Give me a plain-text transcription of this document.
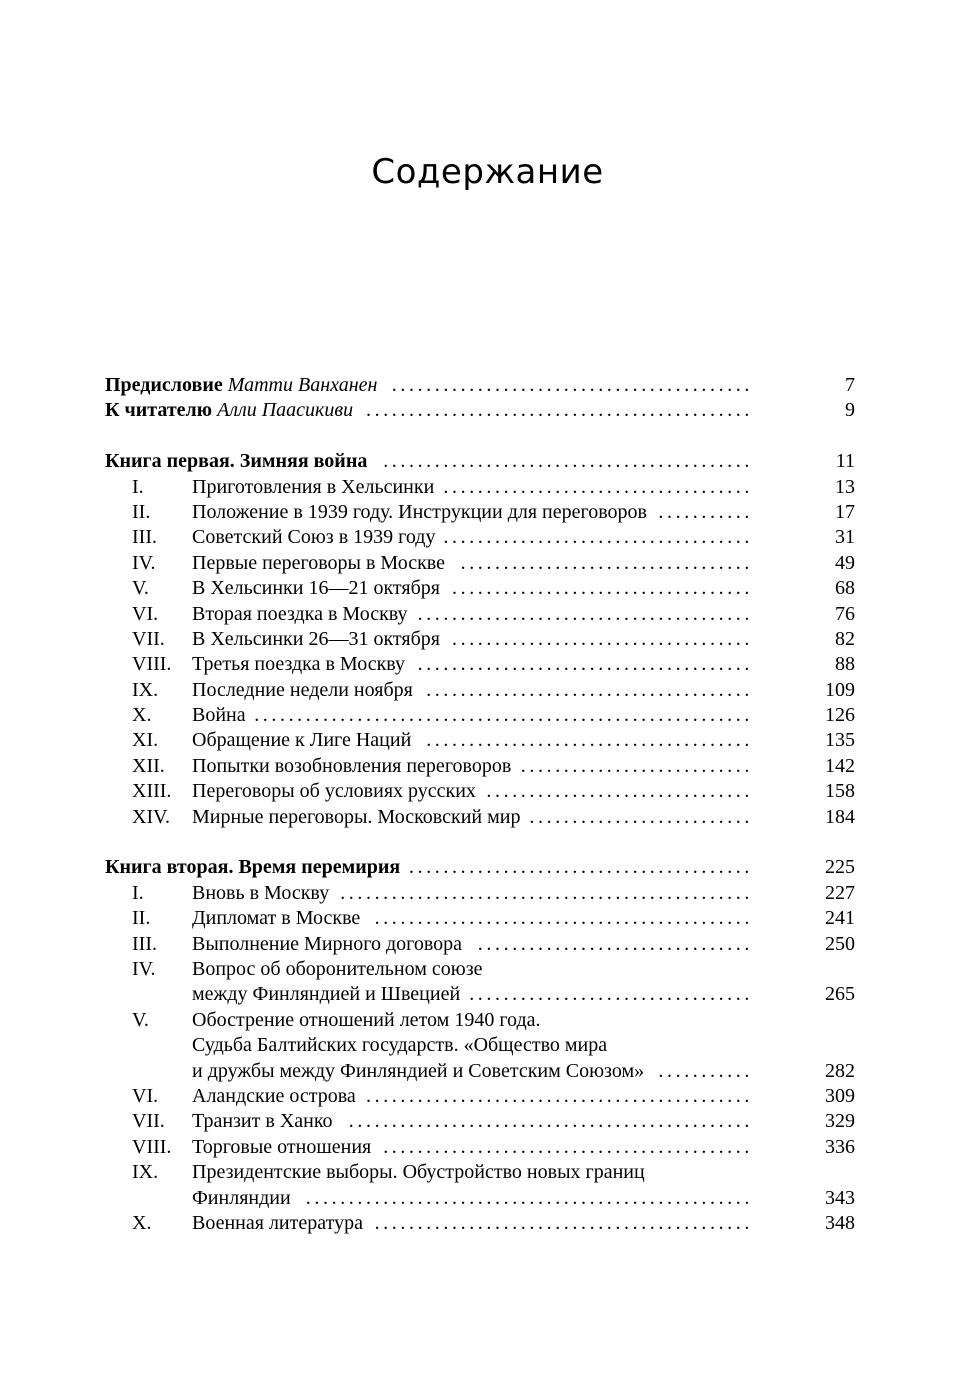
Содержание
Предисловие Матти Ванханен ..........................................	7
К читателю Алли Паасикиви .............................................	9
Книга первая. Зимняя война ...........................................	11
I. Приготовления в Хельсинки ....................................	13
II. Положение в 1939 году. Инструкции для переговоров ...........	17
III. Советский Союз в 1939 году ....................................	31
IV. Первые переговоры в Москве ..................................	49
V. В Хельсинки 16—21 октября ...................................	68
VI. Вторая поездка в Москву .......................................	76
VII. В Хельсинки 26—31 октября ...................................	82
VIII. Третья поездка в Москву .......................................	88
IX. Последние недели ноября ......................................	109
X. Война ..........................................................	126
XI. Обращение к Лиге Наций ......................................	135
XII. Попытки возобновления переговоров ...........................	142
XIII. Переговоры об условиях русских ...............................	158
XIV. Мирные переговоры. Московский мир ..........................	184
Книга вторая. Время перемирия ........................................	225
I. Вновь в Москву ................................................	227
II. Дипломат в Москве ............................................	241
III. Выполнение Мирного договора ................................	250
IV. Вопрос об оборонительном союзе
между Финляндией и Швецией .................................	265
V. Обострение отношений летом 1940 года.
Судьба Балтийских государств. «Общество мира
и дружбы между Финляндией и Советским Союзом» ...........	282
VI. Аландские острова .............................................	309
VII. Транзит в Ханко ...............................................	329
VIII. Торговые отношения ...........................................	336
IX. Президентские выборы. Обустройство новых границ
Финляндии ....................................................	343
X. Военная литература ............................................	348
